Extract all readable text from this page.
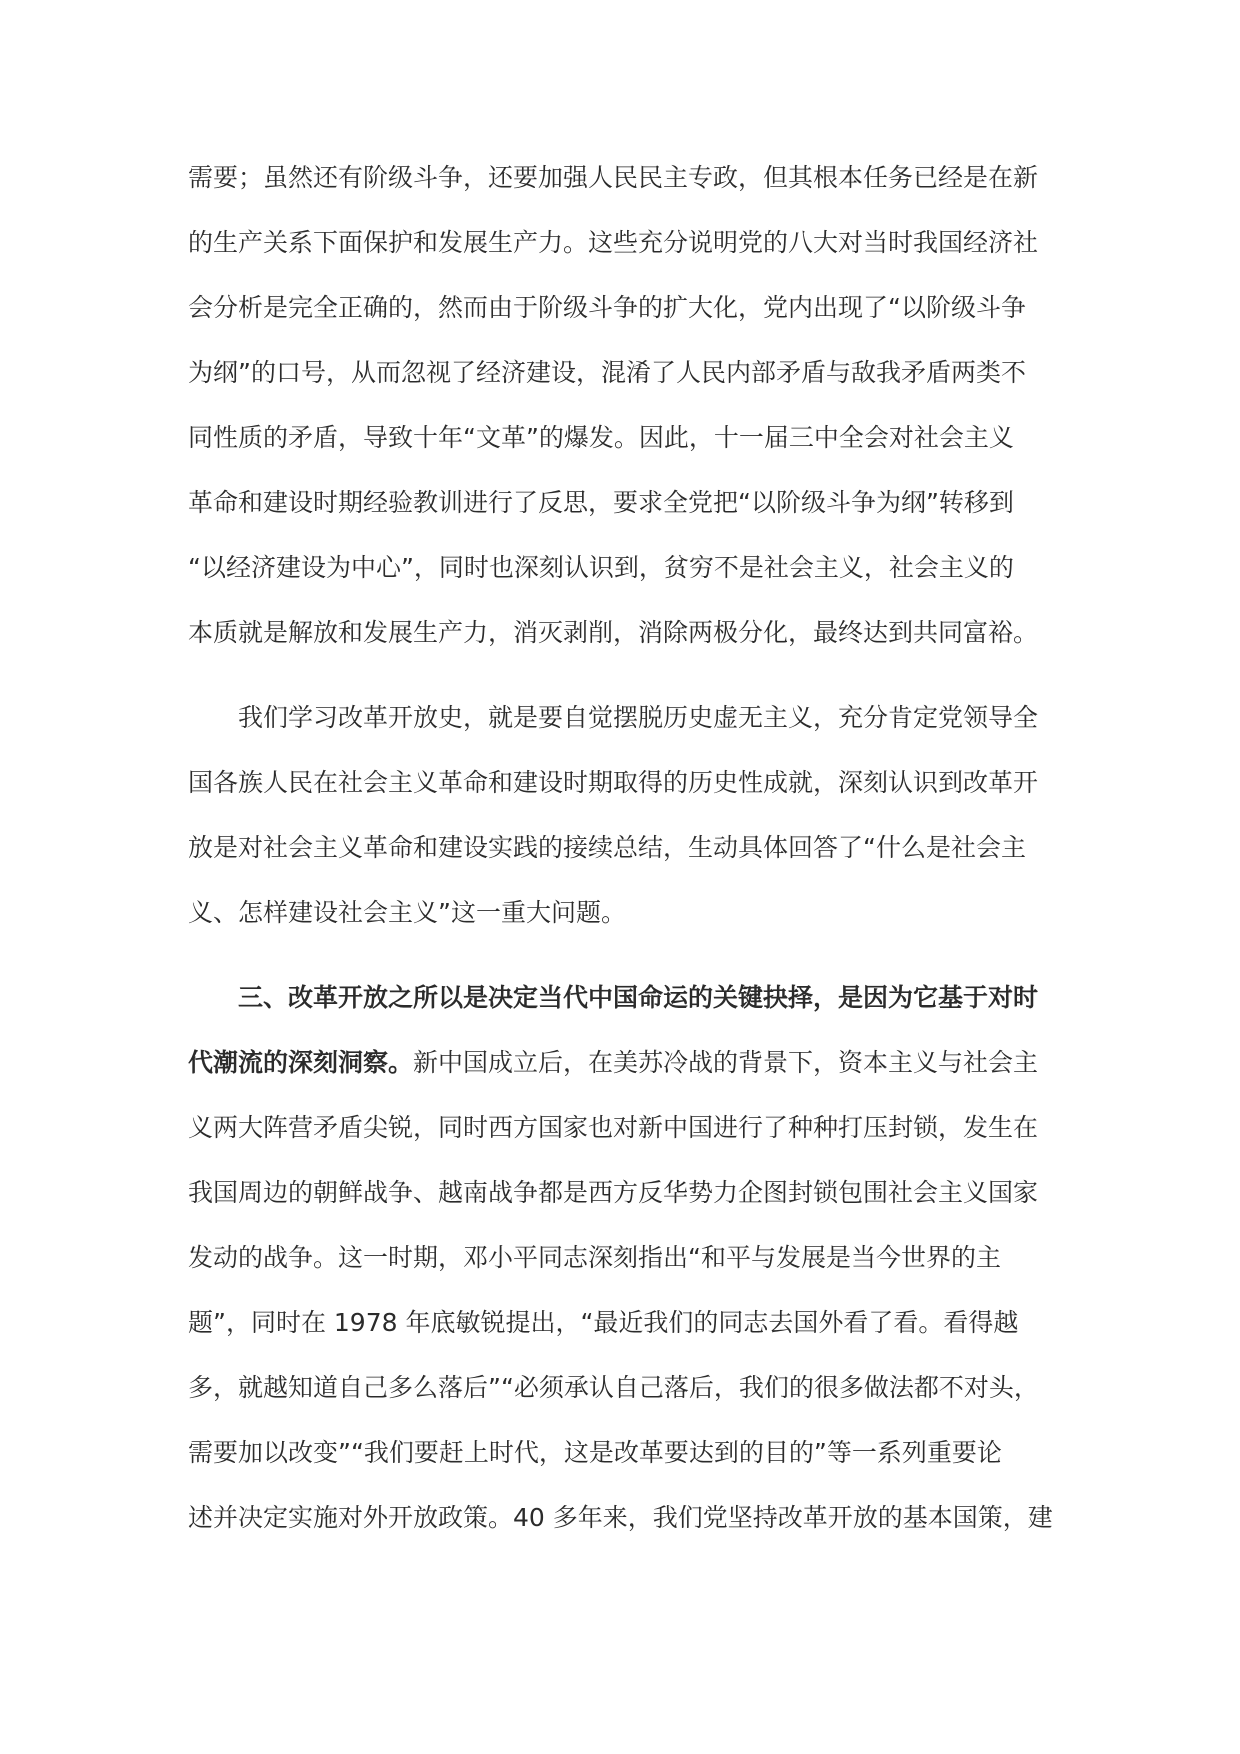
需要；虽然还有阶级斗争，还要加强人民民主专政，但其根本任务已经是在新
的生产关系下面保护和发展生产力。这些充分说明党的八大对当时我国经济社
会分析是完全正确的，然而由于阶级斗争的扩大化，党内出现了“以阶级斗争
为纲”的口号，从而忽视了经济建设，混淆了人民内部矛盾与敌我矛盾两类不
同性质的矛盾，导致十年“文革”的爆发。因此，十一届三中全会对社会主义
革命和建设时期经验教训进行了反思，要求全党把“以阶级斗争为纲”转移到
“以经济建设为中心”，同时也深刻认识到，贫穷不是社会主义，社会主义的
本质就是解放和发展生产力，消灭剥削，消除两极分化，最终达到共同富裕。
我们学习改革开放史，就是要自觉摆脱历史虚无主义，充分肯定党领导全
国各族人民在社会主义革命和建设时期取得的历史性成就，深刻认识到改革开
放是对社会主义革命和建设实践的接续总结，生动具体回答了“什么是社会主
义、怎样建设社会主义”这一重大问题。
三、改革开放之所以是决定当代中国命运的关键抉择，是因为它基于对时
代潮流的深刻洞察。新中国成立后，在美苏冷战的背景下，资本主义与社会主
义两大阵营矛盾尖锐，同时西方国家也对新中国进行了种种打压封锁，发生在
我国周边的朝鲜战争、越南战争都是西方反华势力企图封锁包围社会主义国家
发动的战争。这一时期，邓小平同志深刻指出“和平与发展是当今世界的主
题”，同时在 1978 年底敏锐提出，“最近我们的同志去国外看了看。看得越
多，就越知道自己多么落后”“必须承认自己落后，我们的很多做法都不对头，
需要加以改变”“我们要赶上时代，这是改革要达到的目的”等一系列重要论
述并决定实施对外开放政策。40 多年来，我们党坚持改革开放的基本国策，建
